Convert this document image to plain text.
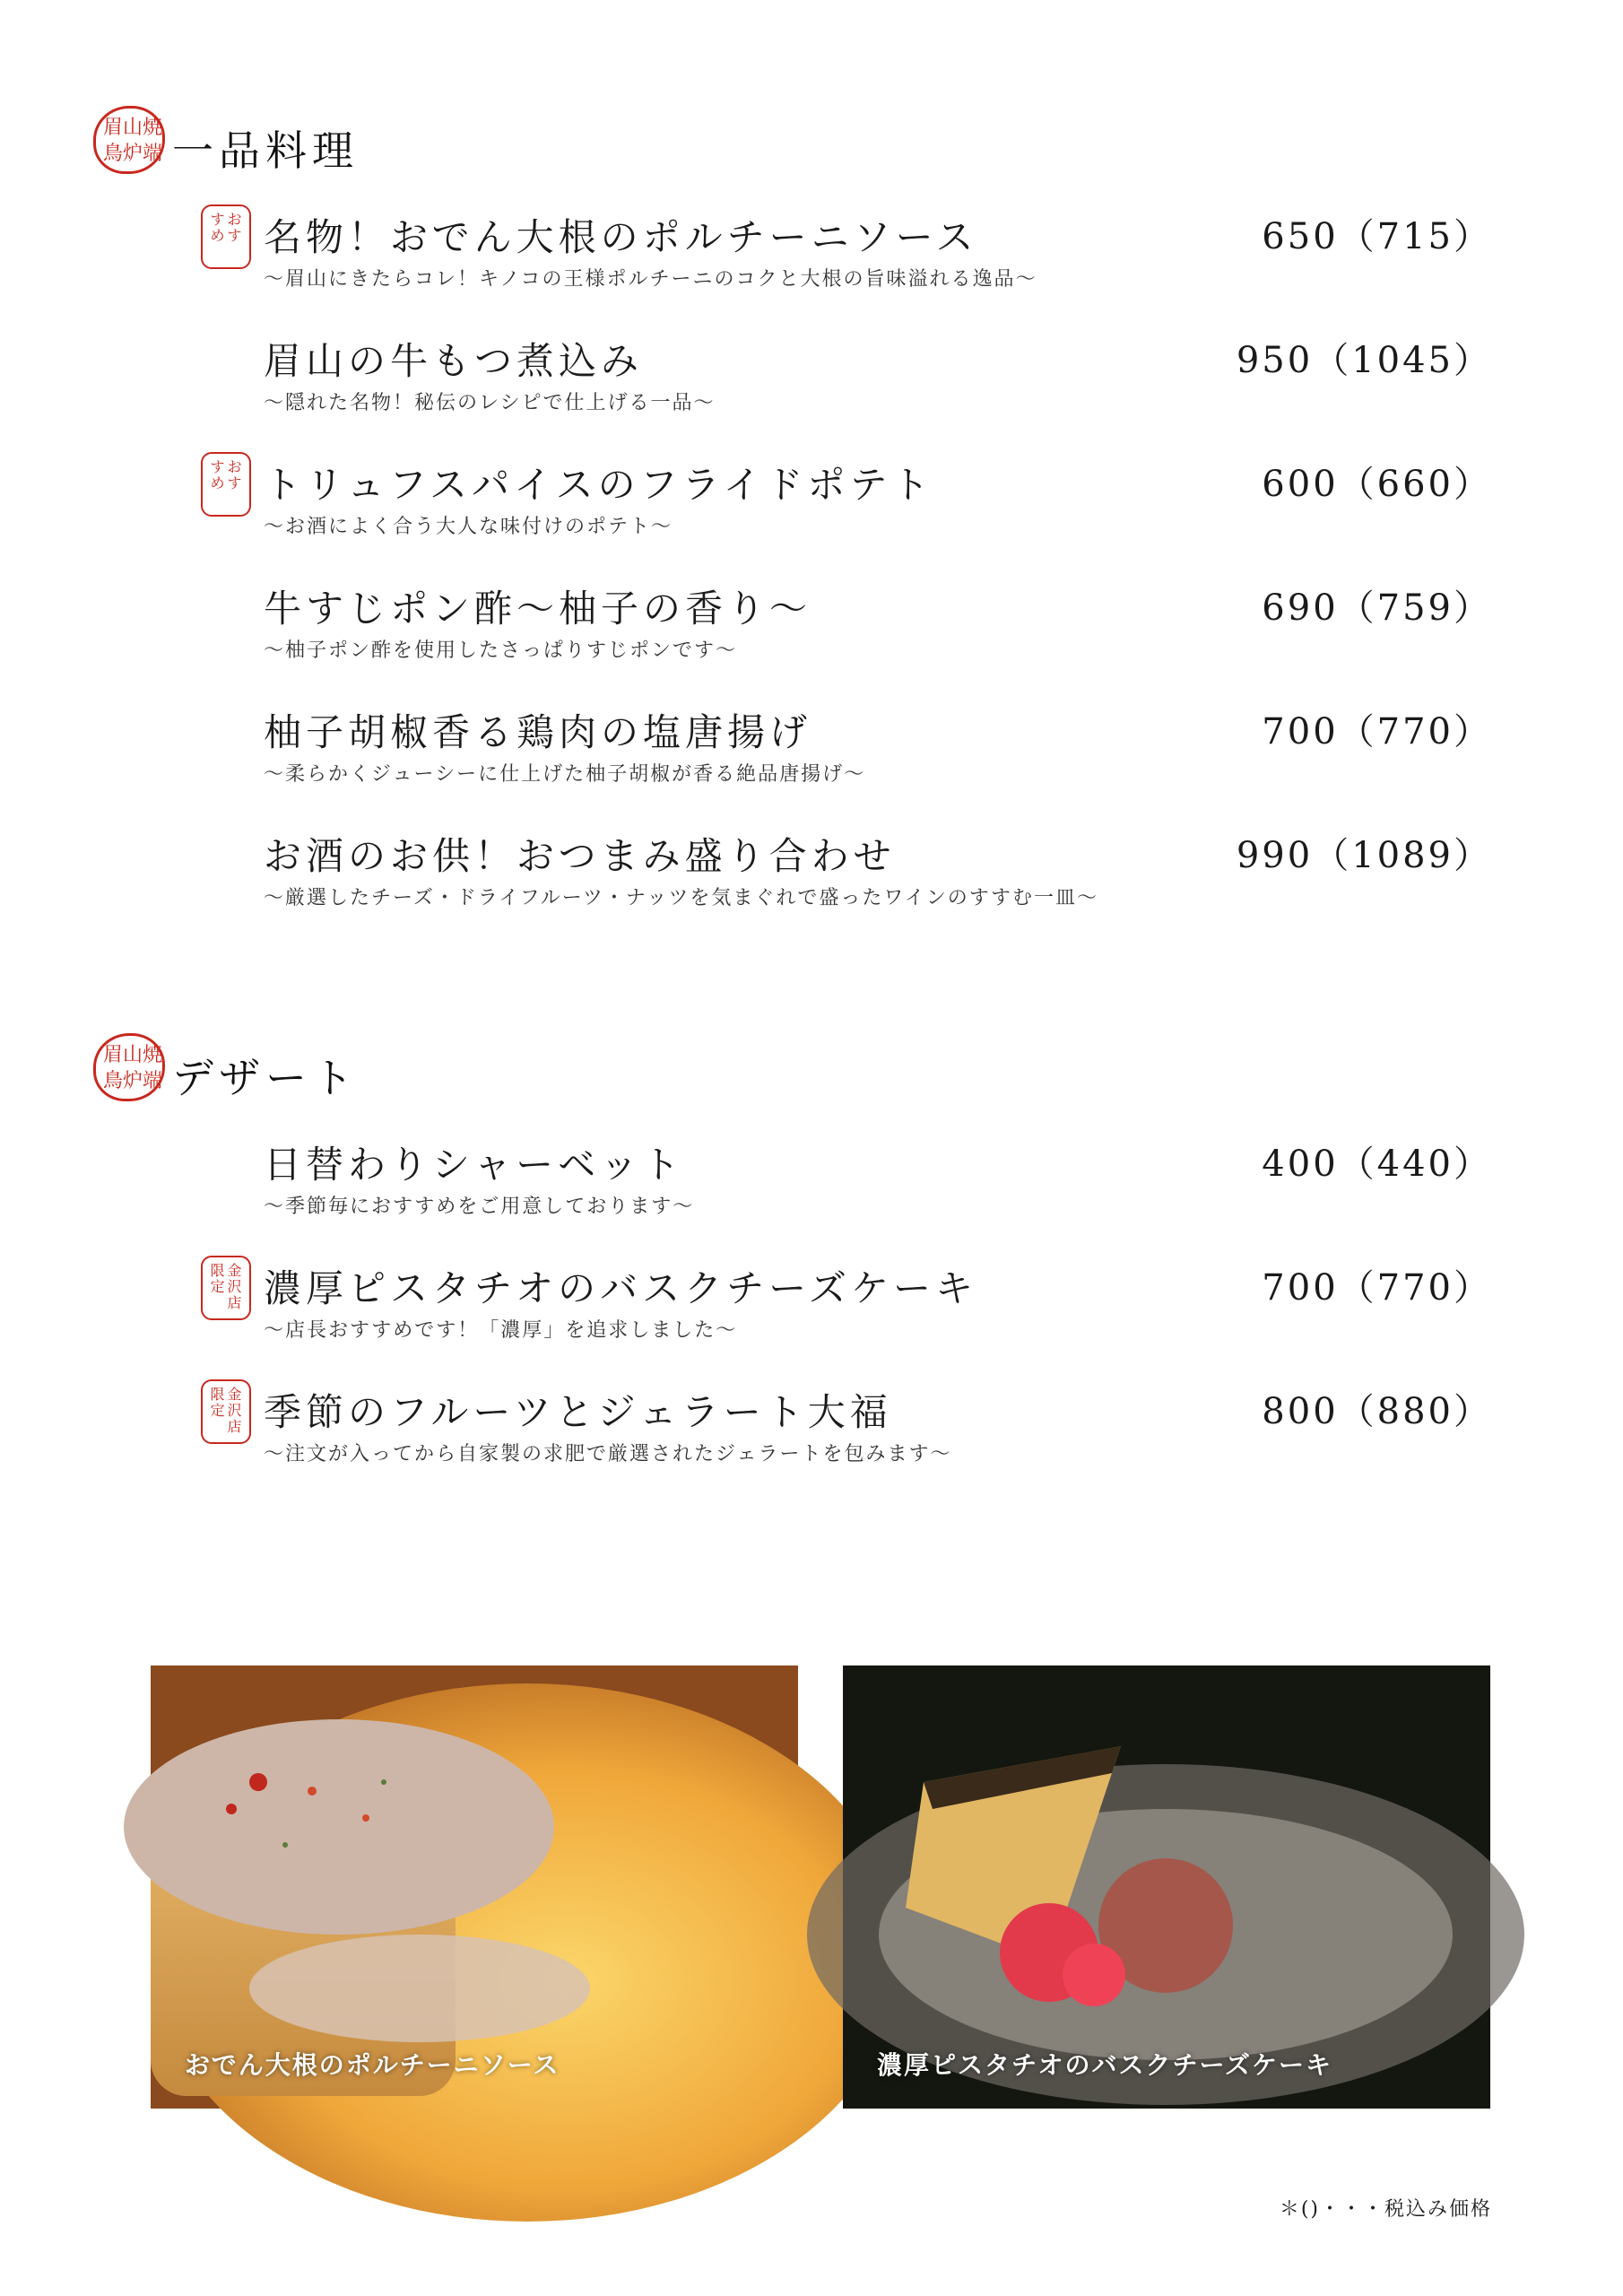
眉 山 焼
鳥 炉 端 一品料理
お
す
す
め 名物！おでん大根のポルチーニソース	650（715）
～眉山にきたらコレ！キノコの王様ポルチーニのコクと大根の旨味溢れる逸品～
眉山の牛もつ煮込み	950（1045）
～隠れた名物！秘伝のレシピで仕上げる一品～
お
す
す
め トリュフスパイスのフライドポテト	600（660）
～お酒によく合う大人な味付けのポテト～
牛すじポン酢～柚子の香り～	690（759）
～柚子ポン酢を使用したさっぱりすじポンです～
柚子胡椒香る鶏肉の塩唐揚げ	700（770）
～柔らかくジューシーに仕上げた柚子胡椒が香る絶品唐揚げ～
お酒のお供！おつまみ盛り合わせ	990（1089）
～厳選したチーズ・ドライフルーツ・ナッツを気まぐれで盛ったワインのすすむ一皿～
眉 山 焼
鳥 炉 端 デザート
日替わりシャーベット	400（440）
～季節毎におすすめをご用意しております～
金
沢
店
限
定 濃厚ピスタチオのバスクチーズケーキ	700（770）
～店長おすすめです！「濃厚」を追求しました～
金
沢
店
限
定 季節のフルーツとジェラート大福	800（880）
～注文が入ってから自家製の求肥で厳選されたジェラートを包みます～
おでん大根のポルチーニソース	濃厚ピスタチオのバスクチーズケーキ
＊()・・・税込み価格
